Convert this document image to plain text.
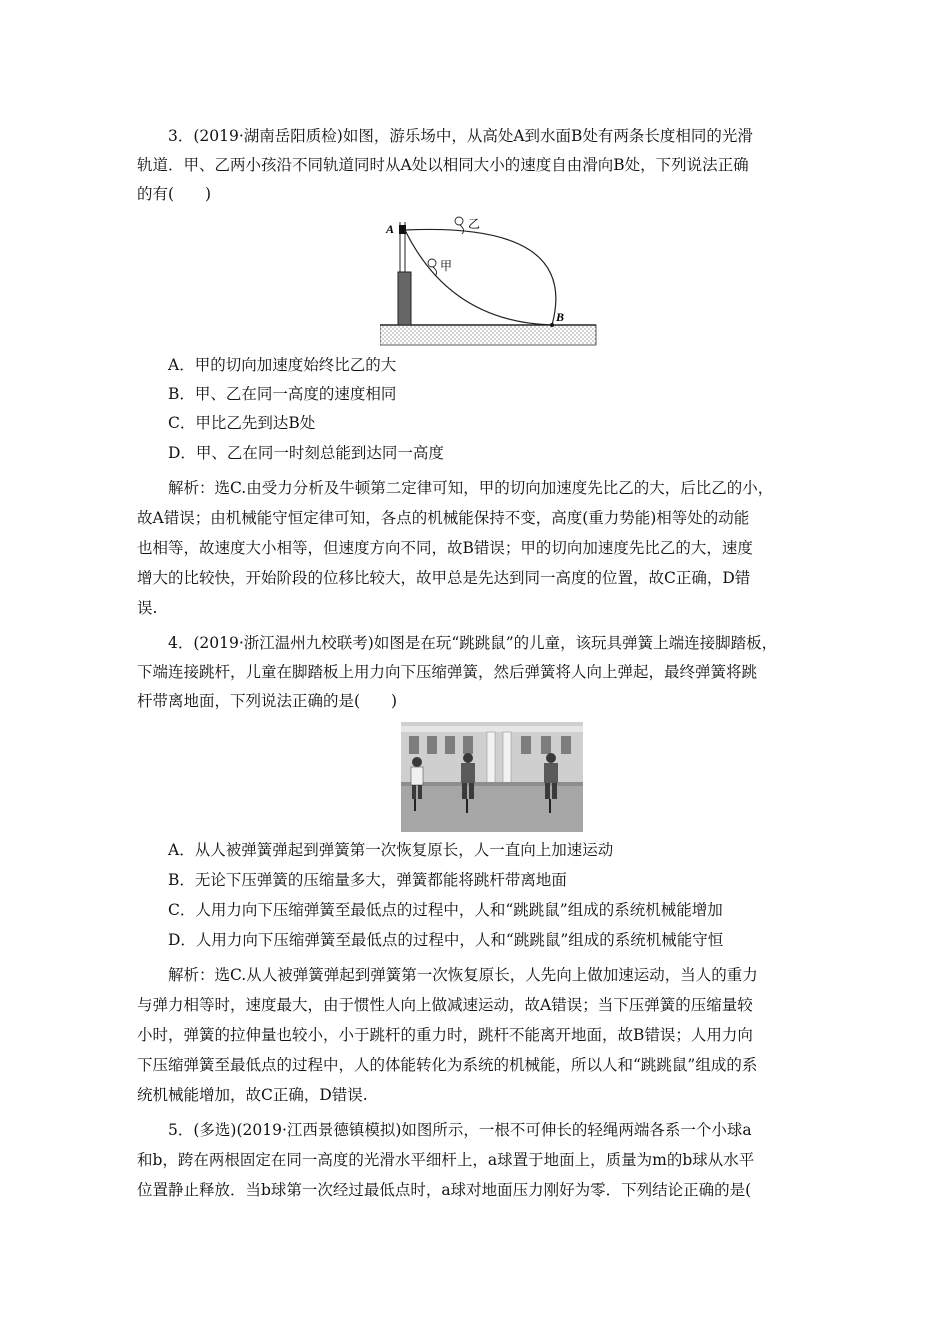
3．(2019·湖南岳阳质检)如图，游乐场中，从高处A到水面B处有两条长度相同的光滑
轨道．甲、乙两小孩沿不同轨道同时从A处以相同大小的速度自由滑向B处，下列说法正确
的有(　　)
A
B
乙
甲
A．甲的切向加速度始终比乙的大
B．甲、乙在同一高度的速度相同
C．甲比乙先到达B处
D．甲、乙在同一时刻总能到达同一高度
解析：选C.由受力分析及牛顿第二定律可知，甲的切向加速度先比乙的大，后比乙的小，
故A错误；由机械能守恒定律可知，各点的机械能保持不变，高度(重力势能)相等处的动能
也相等，故速度大小相等，但速度方向不同，故B错误；甲的切向加速度先比乙的大，速度
增大的比较快，开始阶段的位移比较大，故甲总是先达到同一高度的位置，故C正确，D错
误.
4．(2019·浙江温州九校联考)如图是在玩“跳跳鼠”的儿童，该玩具弹簧上端连接脚踏板，
下端连接跳杆，儿童在脚踏板上用力向下压缩弹簧，然后弹簧将人向上弹起，最终弹簧将跳
杆带离地面，下列说法正确的是(　　)
A．从人被弹簧弹起到弹簧第一次恢复原长，人一直向上加速运动
B．无论下压弹簧的压缩量多大，弹簧都能将跳杆带离地面
C．人用力向下压缩弹簧至最低点的过程中，人和“跳跳鼠”组成的系统机械能增加
D．人用力向下压缩弹簧至最低点的过程中，人和“跳跳鼠”组成的系统机械能守恒
解析：选C.从人被弹簧弹起到弹簧第一次恢复原长，人先向上做加速运动，当人的重力
与弹力相等时，速度最大，由于惯性人向上做减速运动，故A错误；当下压弹簧的压缩量较
小时，弹簧的拉伸量也较小，小于跳杆的重力时，跳杆不能离开地面，故B错误；人用力向
下压缩弹簧至最低点的过程中，人的体能转化为系统的机械能，所以人和“跳跳鼠”组成的系
统机械能增加，故C正确，D错误.
5．(多选)(2019·江西景德镇模拟)如图所示，一根不可伸长的轻绳两端各系一个小球a
和b，跨在两根固定在同一高度的光滑水平细杆上，a球置于地面上，质量为m的b球从水平
位置静止释放．当b球第一次经过最低点时，a球对地面压力刚好为零．下列结论正确的是(
